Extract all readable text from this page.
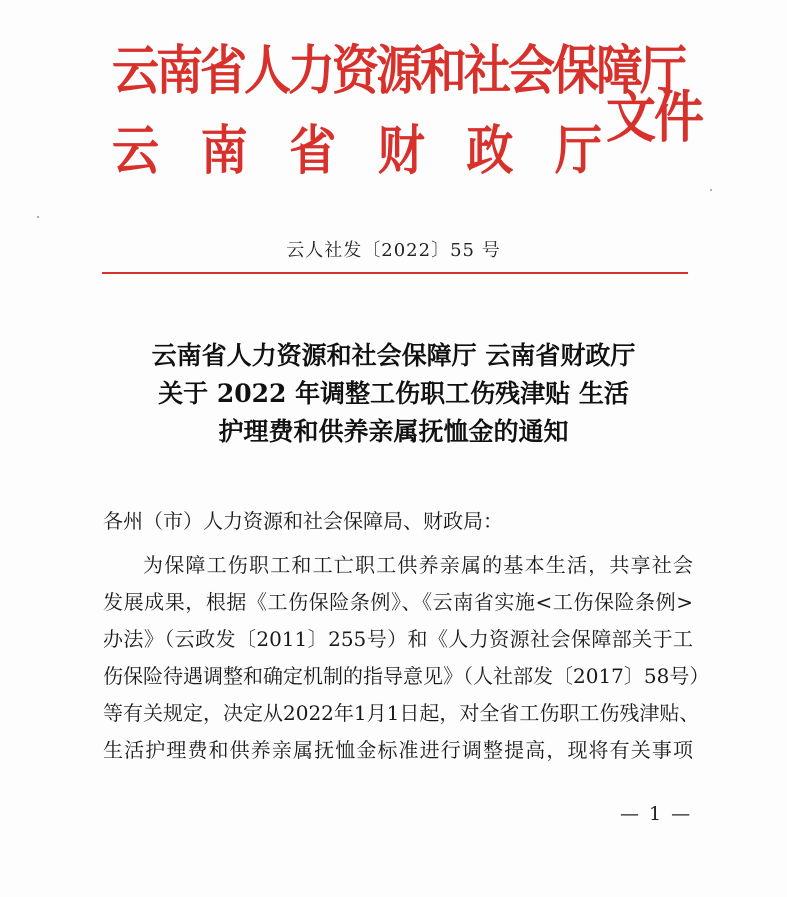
云南省人力资源和社会保障厅
云 南 省 财 政 厅
文件
云人社发〔2022〕55 号
云南省人力资源和社会保障厅 云南省财政厅
关于 2022 年调整工伤职工伤残津贴 生活
护理费和供养亲属抚恤金的通知
各州（市）人力资源和社会保障局、财政局：
为保障工伤职工和工亡职工供养亲属的基本生活，共享社会
发展成果，根据《工伤保险条例》、《云南省实施<工伤保险条例>
办法》（云政发〔2011〕255号）和《人力资源社会保障部关于工
伤保险待遇调整和确定机制的指导意见》（人社部发〔2017〕58号）
等有关规定，决定从2022年1月1日起，对全省工伤职工伤残津贴、
生活护理费和供养亲属抚恤金标准进行调整提高，现将有关事项
— 1 —
